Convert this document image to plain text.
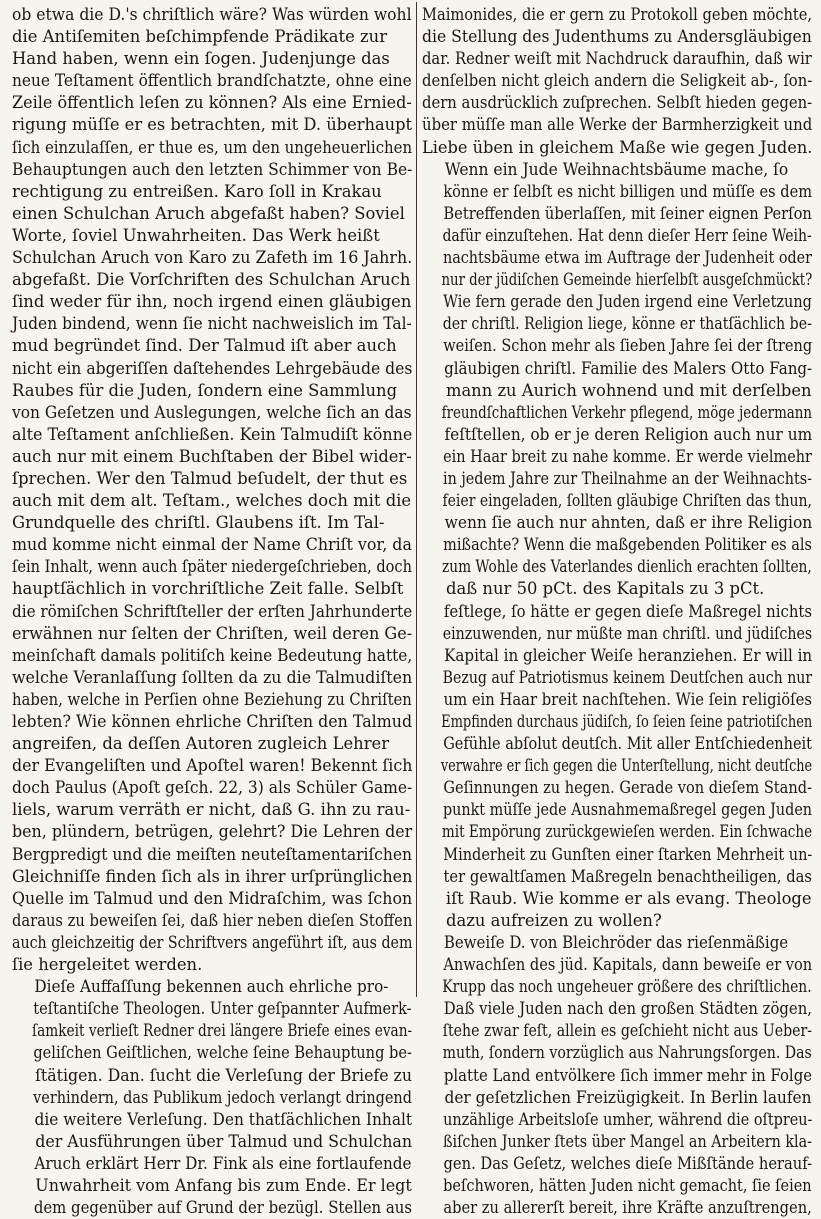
ob etwa die D.'s chriſtlich wäre? Was würden wohl
die Antiſemiten beſchimpfende Prädikate zur
Hand haben, wenn ein ſogen. Judenjunge das
neue Teſtament öffentlich brandſchatzte, ohne eine
Zeile öffentlich leſen zu können? Als eine Ernied-
rigung müſſe er es betrachten, mit D. überhaupt
ſich einzulaſſen, er thue es, um den ungeheuerlichen
Behauptungen auch den letzten Schimmer von Be-
rechtigung zu entreißen. Karo ſoll in Krakau
einen Schulchan Aruch abgefaßt haben? Soviel
Worte, ſoviel Unwahrheiten. Das Werk heißt
Schulchan Aruch von Karo zu Zafeth im 16 Jahrh.
abgefaßt. Die Vorſchriften des Schulchan Aruch
ſind weder für ihn, noch irgend einen gläubigen
Juden bindend, wenn ſie nicht nachweislich im Tal-
mud begründet ſind. Der Talmud iſt aber auch
nicht ein abgeriſſen daſtehendes Lehrgebäude des
Raubes für die Juden, ſondern eine Sammlung
von Geſetzen und Auslegungen, welche ſich an das
alte Teſtament anſchließen. Kein Talmudiſt könne
auch nur mit einem Buchſtaben der Bibel wider-
ſprechen. Wer den Talmud beſudelt, der thut es
auch mit dem alt. Teſtam., welches doch mit die
Grundquelle des chriſtl. Glaubens iſt. Im Tal-
mud komme nicht einmal der Name Chriſt vor, da
ſein Inhalt, wenn auch ſpäter niedergeſchrieben, doch
hauptſächlich in vorchriſtliche Zeit falle. Selbſt
die römiſchen Schriftſteller der erſten Jahrhunderte
erwähnen nur ſelten der Chriſten, weil deren Ge-
meinſchaft damals politiſch keine Bedeutung hatte,
welche Veranlaſſung ſollten da zu die Talmudiſten
haben, welche in Perſien ohne Beziehung zu Chriſten
lebten? Wie können ehrliche Chriſten den Talmud
angreifen, da deſſen Autoren zugleich Lehrer
der Evangeliſten und Apoſtel waren! Bekennt ſich
doch Paulus (Apoſt geſch. 22, 3) als Schüler Game-
liels, warum verräth er nicht, daß G. ihn zu rau-
ben, plündern, betrügen, gelehrt? Die Lehren der
Bergpredigt und die meiſten neuteſtamentariſchen
Gleichniſſe finden ſich als in ihrer urſprünglichen
Quelle im Talmud und den Midraſchim, was ſchon
daraus zu beweiſen ſei, daß hier neben dieſen Stoffen
auch gleichzeitig der Schriftvers angeführt iſt, aus dem
ſie hergeleitet werden.

Dieſe Auffaſſung bekennen auch ehrliche pro-
teſtantiſche Theologen. Unter geſpannter Aufmerk-
ſamkeit verlieſt Redner drei längere Briefe eines evan-
geliſchen Geiſtlichen, welche ſeine Behauptung be-
ſtätigen. Dan. ſucht die Verleſung der Briefe zu
verhindern, das Publikum jedoch verlangt dringend
die weitere Verleſung. Den thatſächlichen Inhalt
der Ausführungen über Talmud und Schulchan
Aruch erklärt Herr Dr. Fink als eine fortlaufende
Unwahrheit vom Anfang bis zum Ende. Er legt
dem gegenüber auf Grund der bezügl. Stellen aus

Maimonides, die er gern zu Protokoll geben möchte,
die Stellung des Judenthums zu Andersgläubigen
dar. Redner weiſt mit Nachdruck daraufhin, daß wir
denſelben nicht gleich andern die Seligkeit ab-, ſon-
dern ausdrücklich zuſprechen. Selbſt hieden gegen-
über müſſe man alle Werke der Barmherzigkeit und
Liebe üben in gleichem Maße wie gegen Juden.

Wenn ein Jude Weihnachtsbäume mache, ſo
könne er ſelbſt es nicht billigen und müſſe es dem
Betreffenden überlaſſen, mit ſeiner eignen Perſon
dafür einzuſtehen. Hat denn dieſer Herr ſeine Weih-
nachtsbäume etwa im Auftrage der Judenheit oder
nur der jüdiſchen Gemeinde hierſelbſt ausgeſchmückt?
Wie fern gerade den Juden irgend eine Verletzung
der chriſtl. Religion liege, könne er thatſächlich be-
weiſen. Schon mehr als ſieben Jahre ſei der ſtreng
gläubigen chriſtl. Familie des Malers Otto Fang-
mann zu Aurich wohnend und mit derſelben
freundſchaftlichen Verkehr pflegend, möge jedermann
feſtſtellen, ob er je deren Religion auch nur um
ein Haar breit zu nahe komme. Er werde vielmehr
in jedem Jahre zur Theilnahme an der Weihnachts-
feier eingeladen, ſollten gläubige Chriſten das thun,
wenn ſie auch nur ahnten, daß er ihre Religion
mißachte? Wenn die maßgebenden Politiker es als
zum Wohle des Vaterlandes dienlich erachten ſollten,
daß nur 50 pCt. des Kapitals zu 3 pCt.
feſtlege, ſo hätte er gegen dieſe Maßregel nichts
einzuwenden, nur müßte man chriſtl. und jüdiſches
Kapital in gleicher Weiſe heranziehen. Er will in
Bezug auf Patriotismus keinem Deutſchen auch nur
um ein Haar breit nachſtehen. Wie ſein religiöſes
Empfinden durchaus jüdiſch, ſo ſeien ſeine patriotiſchen
Gefühle abſolut deutſch. Mit aller Entſchiedenheit
verwahre er ſich gegen die Unterſtellung, nicht deutſche
Geſinnungen zu hegen. Gerade von dieſem Stand-
punkt müſſe jede Ausnahmemaßregel gegen Juden
mit Empörung zurückgewieſen werden. Ein ſchwache
Minderheit zu Gunſten einer ſtarken Mehrheit un-
ter gewaltſamen Maßregeln benachtheiligen, das
iſt Raub. Wie komme er als evang. Theologe
dazu aufreizen zu wollen?

Beweiſe D. von Bleichröder das rieſenmäßige
Anwachſen des jüd. Kapitals, dann beweiſe er von
Krupp das noch ungeheuer größere des chriſtlichen.
Daß viele Juden nach den großen Städten zögen,
ſtehe zwar feſt, allein es geſchieht nicht aus Ueber-
muth, ſondern vorzüglich aus Nahrungsſorgen. Das
platte Land entvölkere ſich immer mehr in Folge
der geſetzlichen Freizügigkeit. In Berlin laufen
unzählige Arbeitsloſe umher, während die oſtpreu-
ßiſchen Junker ſtets über Mangel an Arbeitern kla-
gen. Das Geſetz, welches dieſe Mißſtände herauf-
beſchworen, hätten Juden nicht gemacht, ſie ſeien
aber zu allererſt bereit, ihre Kräfte anzuſtrengen,
